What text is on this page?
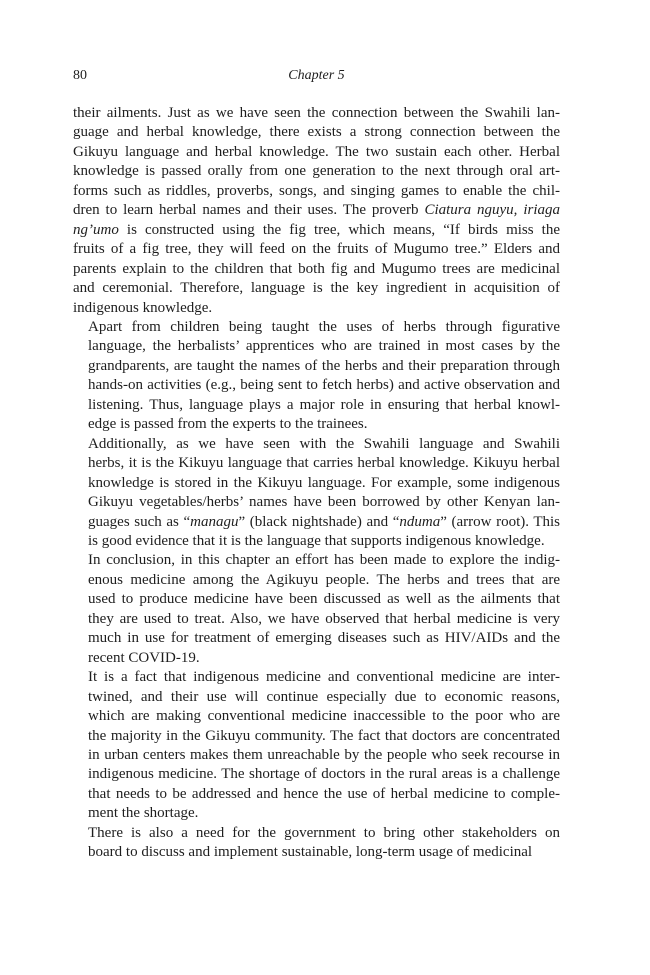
80	Chapter 5
their ailments. Just as we have seen the connection between the Swahili lan-
guage and herbal knowledge, there exists a strong connection between the
Gikuyu language and herbal knowledge. The two sustain each other. Herbal
knowledge is passed orally from one generation to the next through oral art-
forms such as riddles, proverbs, songs, and singing games to enable the chil-
dren to learn herbal names and their uses. The proverb Ciatura nguyu, iriaga
ng’umo is constructed using the fig tree, which means, “If birds miss the
fruits of a fig tree, they will feed on the fruits of Mugumo tree.” Elders and
parents explain to the children that both fig and Mugumo trees are medicinal
and ceremonial. Therefore, language is the key ingredient in acquisition of
indigenous knowledge.
Apart from children being taught the uses of herbs through figurative
language, the herbalists’ apprentices who are trained in most cases by the
grandparents, are taught the names of the herbs and their preparation through
hands-on activities (e.g., being sent to fetch herbs) and active observation and
listening. Thus, language plays a major role in ensuring that herbal knowl-
edge is passed from the experts to the trainees.
Additionally, as we have seen with the Swahili language and Swahili
herbs, it is the Kikuyu language that carries herbal knowledge. Kikuyu herbal
knowledge is stored in the Kikuyu language. For example, some indigenous
Gikuyu vegetables/herbs’ names have been borrowed by other Kenyan lan-
guages such as “managu” (black nightshade) and “nduma” (arrow root). This
is good evidence that it is the language that supports indigenous knowledge.
In conclusion, in this chapter an effort has been made to explore the indig-
enous medicine among the Agikuyu people. The herbs and trees that are
used to produce medicine have been discussed as well as the ailments that
they are used to treat. Also, we have observed that herbal medicine is very
much in use for treatment of emerging diseases such as HIV/AIDs and the
recent COVID-19.
It is a fact that indigenous medicine and conventional medicine are inter-
twined, and their use will continue especially due to economic reasons,
which are making conventional medicine inaccessible to the poor who are
the majority in the Gikuyu community. The fact that doctors are concentrated
in urban centers makes them unreachable by the people who seek recourse in
indigenous medicine. The shortage of doctors in the rural areas is a challenge
that needs to be addressed and hence the use of herbal medicine to comple-
ment the shortage.
There is also a need for the government to bring other stakeholders on
board to discuss and implement sustainable, long-term usage of medicinal
